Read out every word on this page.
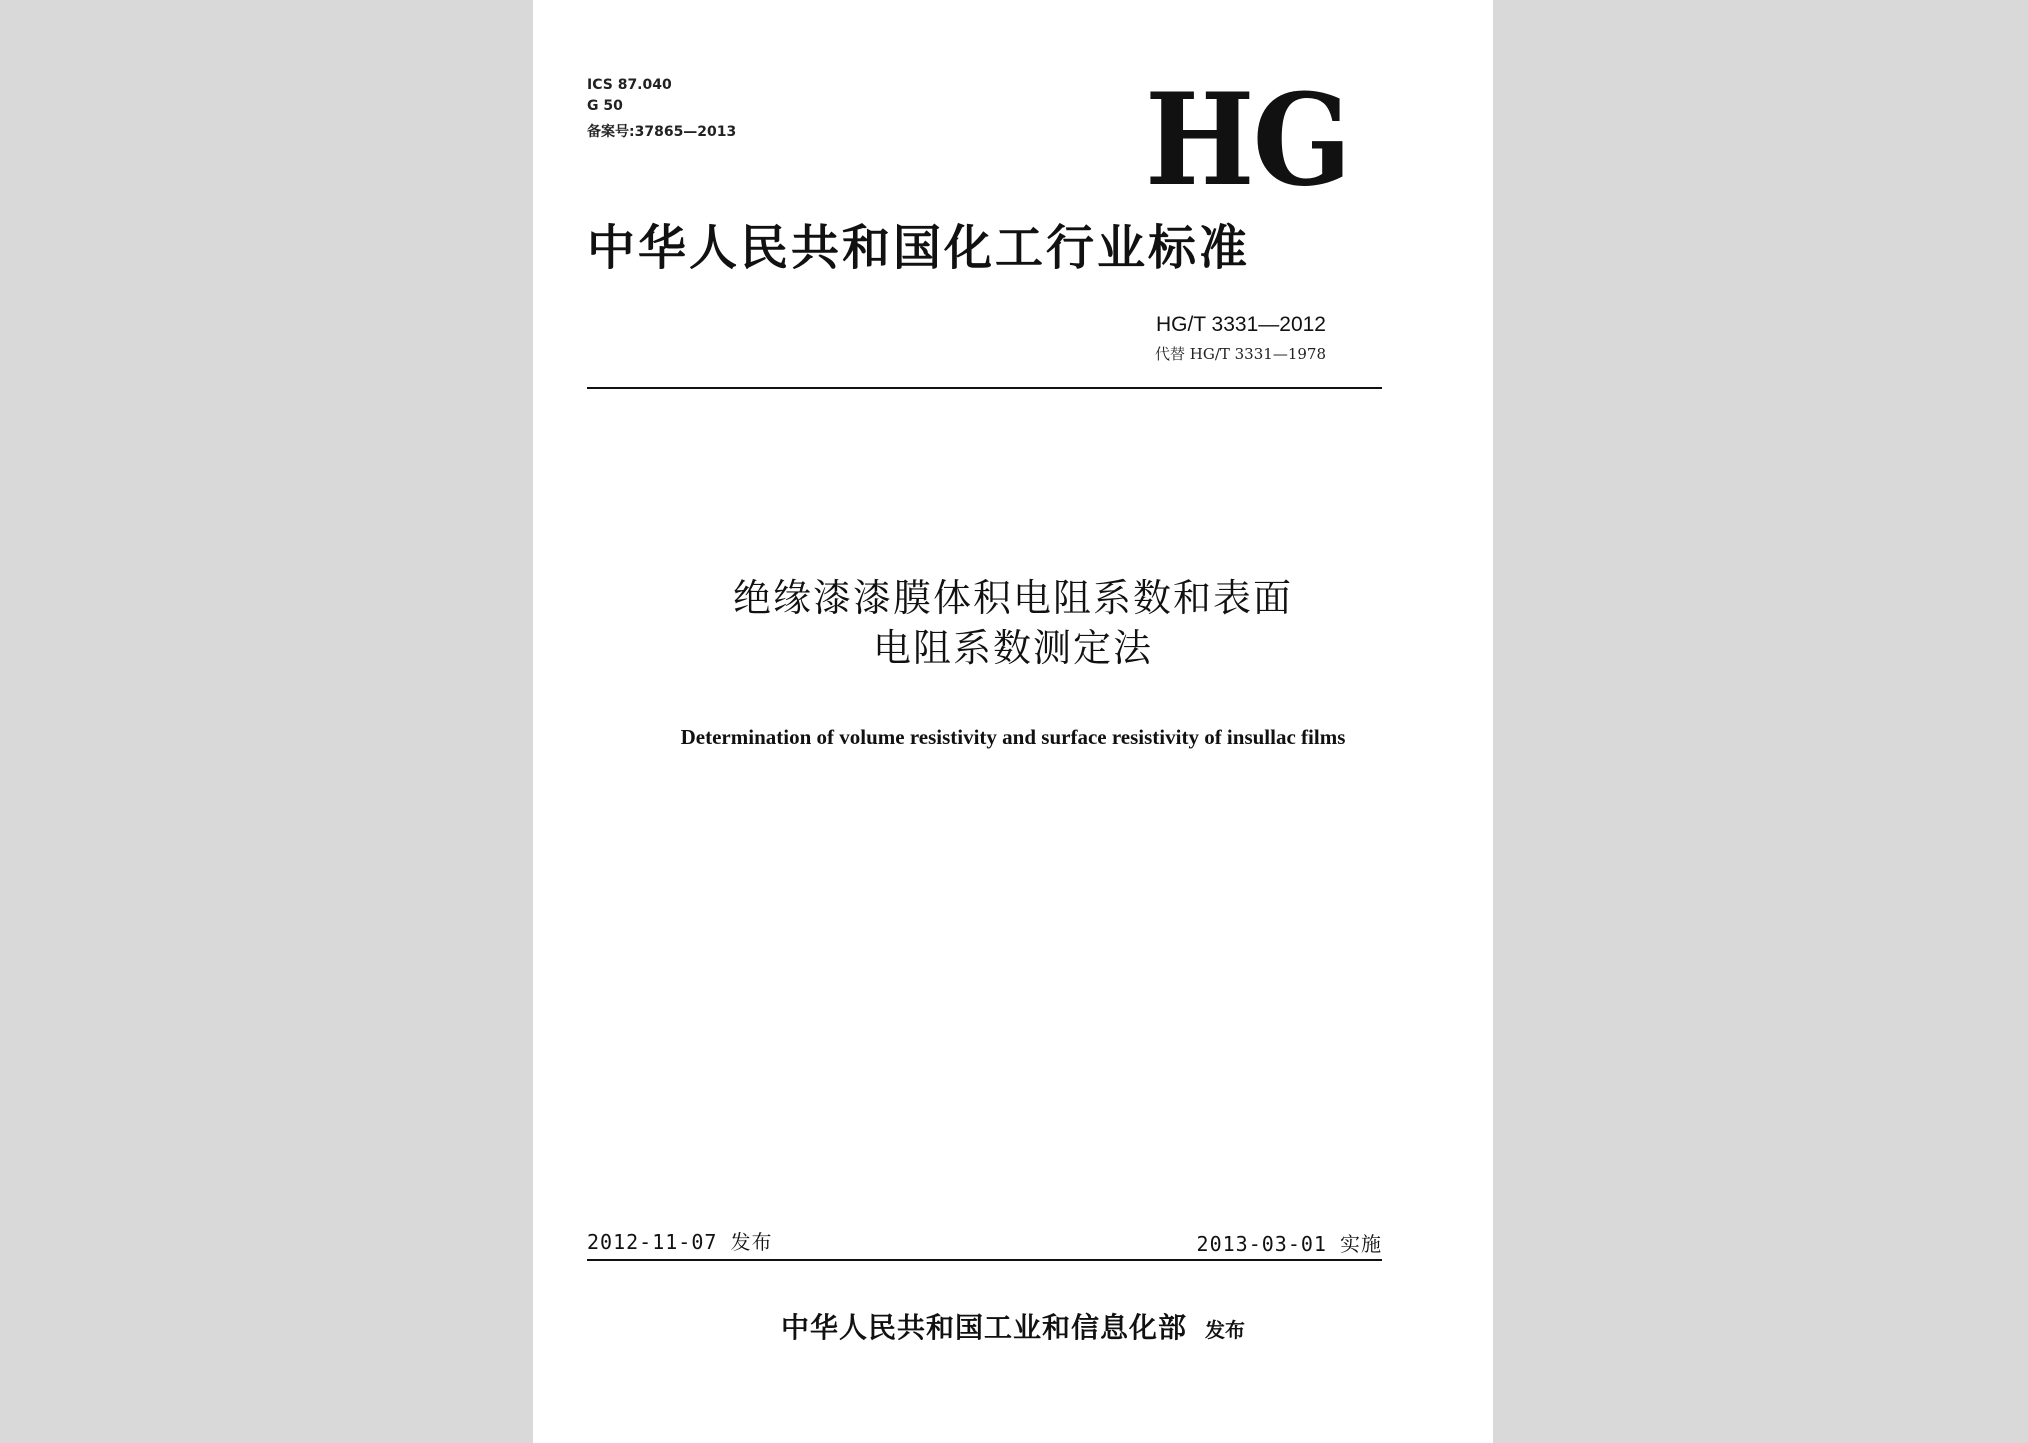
ICS 87.040
G 50
备案号:37865—2013	HG
中华人民共和国化工行业标准
HG/T 3331—2012
代替 HG/T 3331—1978
绝缘漆漆膜体积电阻系数和表面
电阻系数测定法
Determination of volume resistivity and surface resistivity of insullac films
2012-11-07 发布	2013-03-01 实施
中华人民共和国工业和信息化部 发布
